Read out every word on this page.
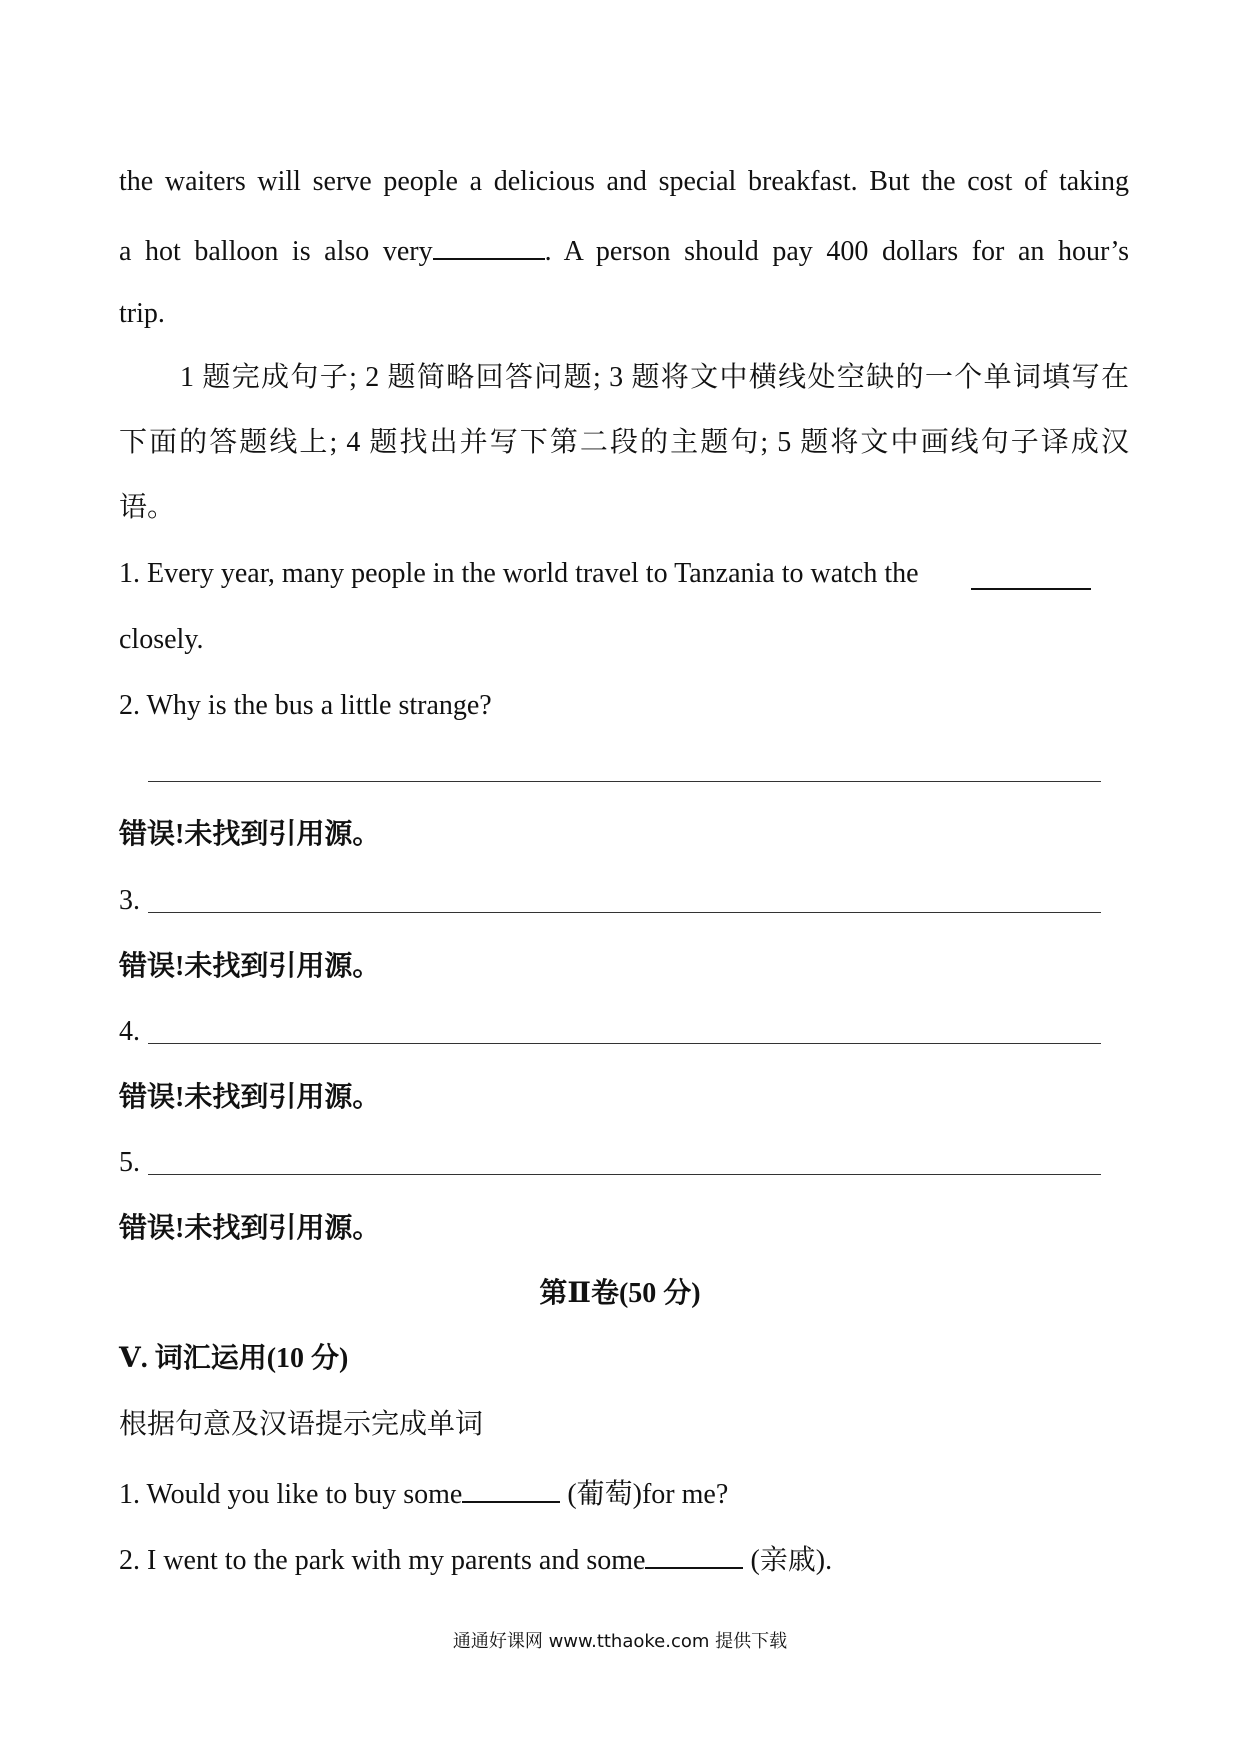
the waiters will serve people a delicious and special breakfast. But the cost of taking
a hot balloon is also very	. A person should pay 400 dollars for an hour’s
trip.
1 题完成句子; 2 题简略回答问题; 3 题将文中横线处空缺的一个单词填写在
下面的答题线上; 4 题找出并写下第二段的主题句; 5 题将文中画线句子译成汉
语。
1. Every year, many people in the world travel to Tanzania to watch the
closely.
2. Why is the bus a little strange?
错误!未找到引用源。
3.
错误!未找到引用源。
4.
错误!未找到引用源。
5.
错误!未找到引用源。
第Ⅱ卷(50 分)
Ⅴ. 词汇运用(10 分)
根据句意及汉语提示完成单词
1. Would you like to buy some	(葡萄)for me?
2. I went to the park with my parents and some	(亲戚).
通通好课网 www.tthaoke.com 提供下载
